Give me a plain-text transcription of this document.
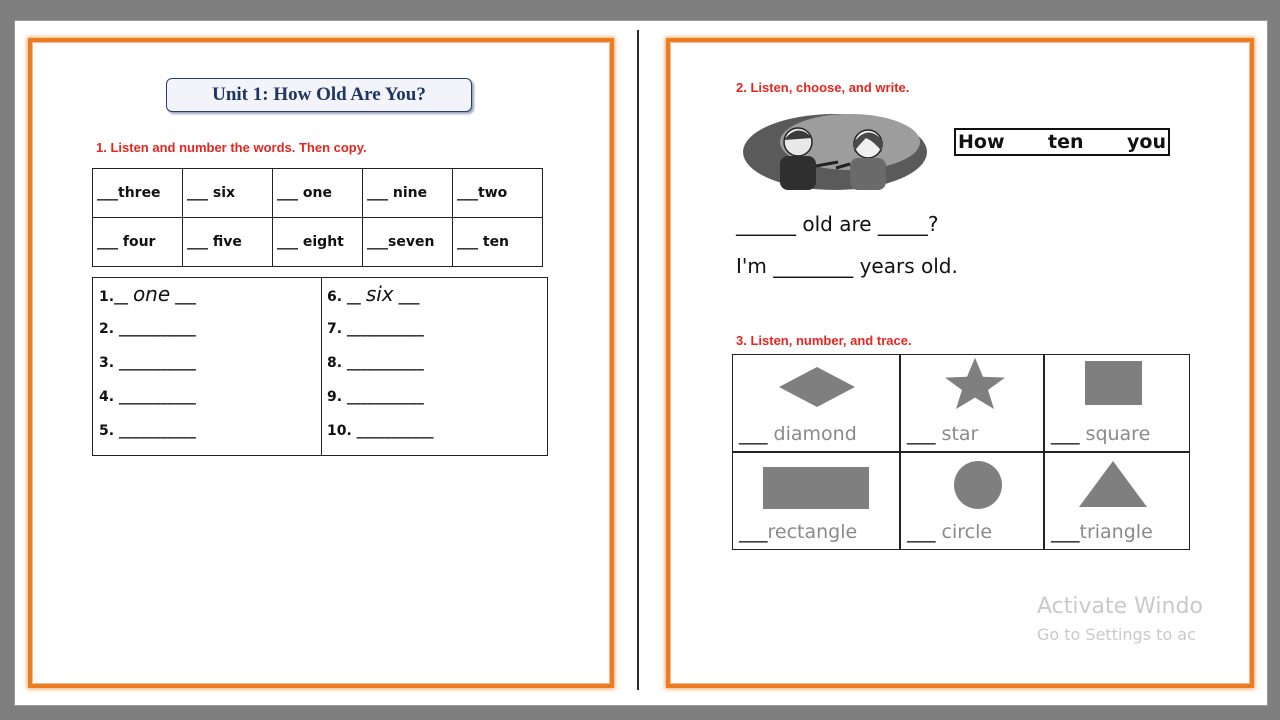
Unit 1: How Old Are You?
1. Listen and number the words. Then copy.
___three	___ six	___ one	___ nine	___two
___ four	___ five	___ eight	___seven	___ ten
1.__ one ___
2. ___________
3. ___________
4. ___________
5. ___________
6. __ six ___
7. ___________
8. ___________
9. ___________
10. ___________
2. Listen, choose, and write.
How ten you
______ old are _____?
I'm ________ years old.
3. Listen, number, and trace.
___ diamond	___ star	___ square
___rectangle	___ circle	___triangle
Activate Windo
Go to Settings to ac
